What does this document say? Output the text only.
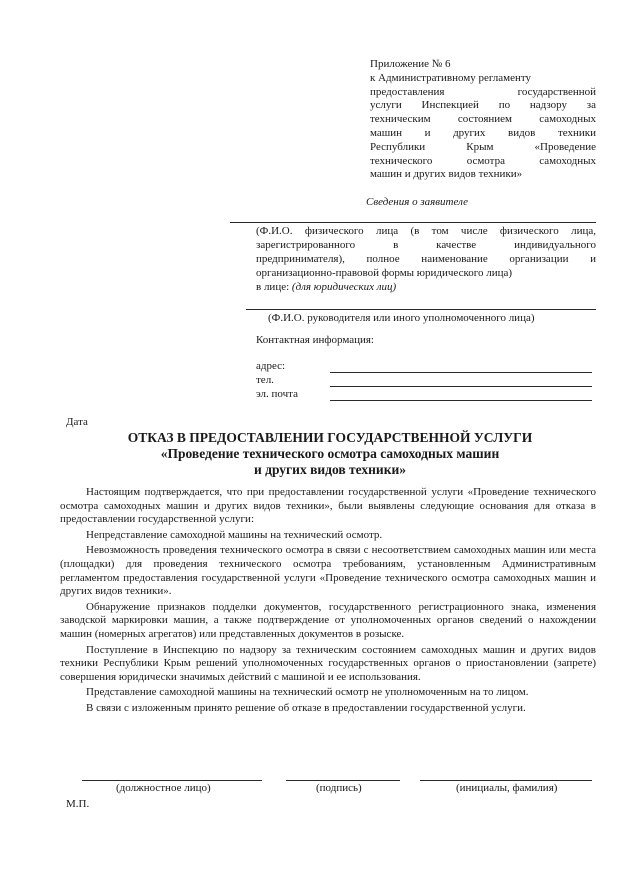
Приложение № 6
к Административному регламенту
предоставления государственной
услуги Инспекцией по надзору за
техническим состоянием самоходных
машин и других видов техники
Республики Крым «Проведение
технического осмотра самоходных
машин и других видов техники»
Сведения о заявителе
(Ф.И.О. физического лица (в том числе физического лица,
зарегистрированного в качестве индивидуального
предпринимателя), полное наименование организации и
организационно-правовой формы юридического лица)
в лице: (для юридических лиц)
(Ф.И.О. руководителя или иного уполномоченного лица)
Контактная информация:
адрес:
тел.
эл. почта
Дата
ОТКАЗ В ПРЕДОСТАВЛЕНИИ ГОСУДАРСТВЕННОЙ УСЛУГИ
«Проведение технического осмотра самоходных машин
и других видов техники»

Настоящим подтверждается, что при предоставлении государственной услуги «Проведение технического осмотра самоходных машин и других видов техники», были выявлены следующие основания для отказа в предоставлении государственной услуги:

Непредставление самоходной машины на технический осмотр.

Невозможность проведения технического осмотра в связи с несоответствием самоходных машин или места (площадки) для проведения технического осмотра требованиям, установленным Административным регламентом предоставления государственной услуги «Проведение технического осмотра самоходных машин и других видов техники».

Обнаружение признаков подделки документов, государственного регистрационного знака, изменения заводской маркировки машин, а также подтверждение от уполномоченных органов сведений о нахождении машин (номерных агрегатов) или представленных документов в розыске.

Поступление в Инспекцию по надзору за техническим состоянием самоходных машин и других видов техники Республики Крым решений уполномоченных государственных органов о приостановлении (запрете) совершения юридически значимых действий с машиной и ее использования.

Представление самоходной машины на технический осмотр не уполномоченным на то лицом.

В связи с изложенным принято решение об отказе в предоставлении государственной услуги.

(должностное лицо)	(подпись)	(инициалы, фамилия)
М.П.
